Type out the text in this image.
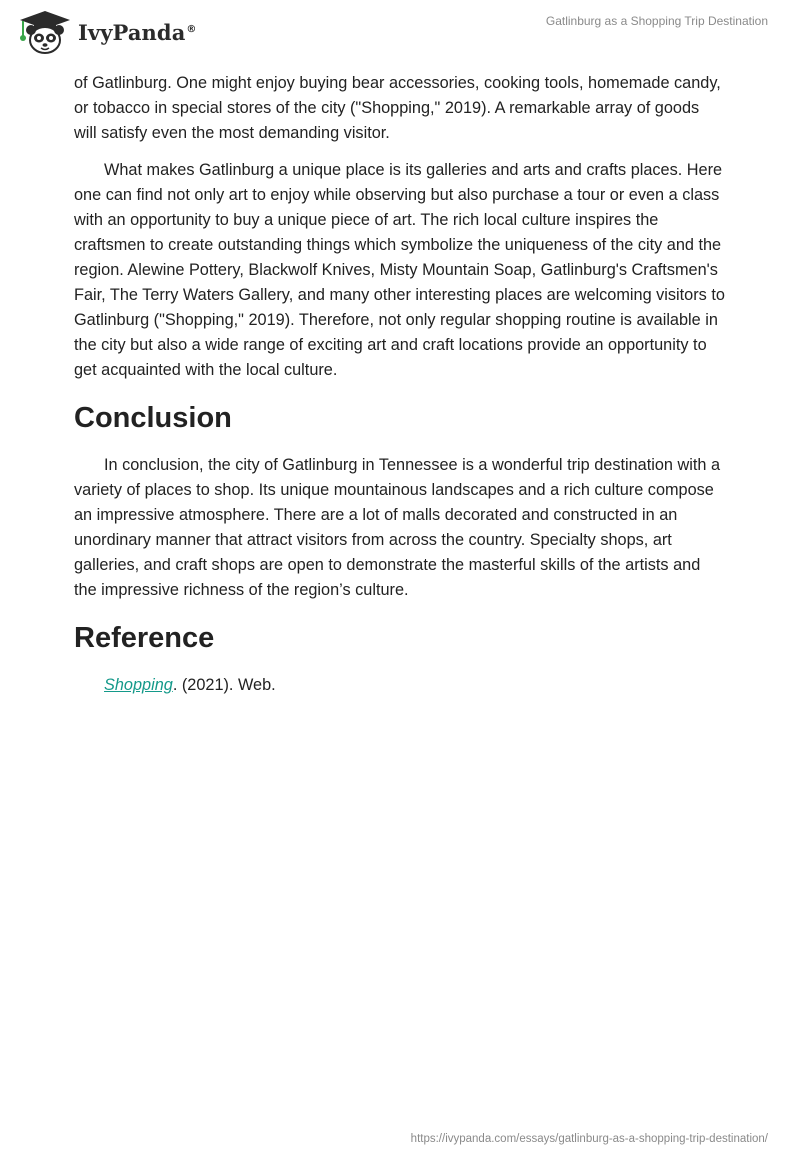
IvyPanda®
Gatlinburg as a Shopping Trip Destination

of Gatlinburg. One might enjoy buying bear accessories, cooking tools, homemade candy, or tobacco in special stores of the city ("Shopping," 2019). A remarkable array of goods will satisfy even the most demanding visitor.

What makes Gatlinburg a unique place is its galleries and arts and crafts places. Here one can find not only art to enjoy while observing but also purchase a tour or even a class with an opportunity to buy a unique piece of art. The rich local culture inspires the craftsmen to create outstanding things which symbolize the uniqueness of the city and the region. Alewine Pottery, Blackwolf Knives, Misty Mountain Soap, Gatlinburg's Craftsmen's Fair, The Terry Waters Gallery, and many other interesting places are welcoming visitors to Gatlinburg ("Shopping," 2019). Therefore, not only regular shopping routine is available in the city but also a wide range of exciting art and craft locations provide an opportunity to get acquainted with the local culture.

Conclusion

In conclusion, the city of Gatlinburg in Tennessee is a wonderful trip destination with a variety of places to shop. Its unique mountainous landscapes and a rich culture compose an impressive atmosphere. There are a lot of malls decorated and constructed in an unordinary manner that attract visitors from across the country. Specialty shops, art galleries, and craft shops are open to demonstrate the masterful skills of the artists and the impressive richness of the region’s culture.

Reference

Shopping. (2021). Web.

https://ivypanda.com/essays/gatlinburg-as-a-shopping-trip-destination/
